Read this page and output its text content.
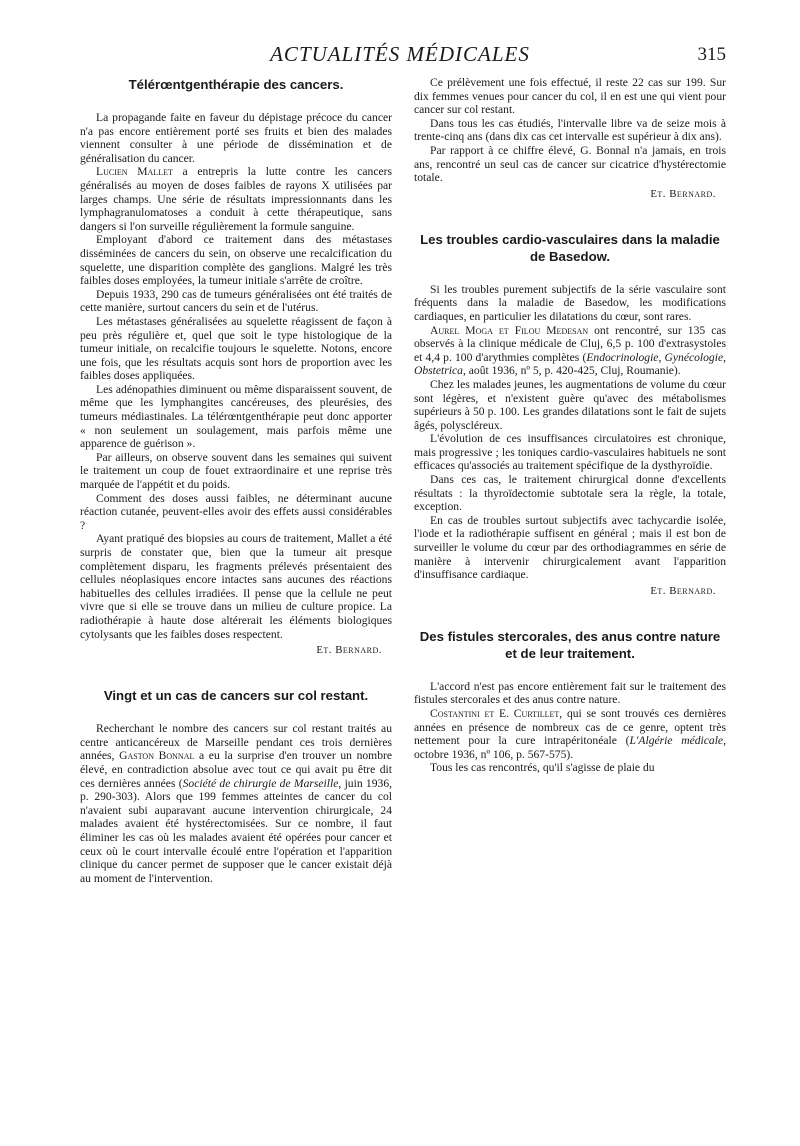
ACTUALITÉS MÉDICALES	315
Télérœntgenthérapie des cancers.

La propagande faite en faveur du dépistage précoce du cancer n'a pas encore entièrement porté ses fruits et bien des malades viennent consulter à une période de dissémination et de généralisation du cancer.

Lucien Mallet a entrepris la lutte contre les cancers généralisés au moyen de doses faibles de rayons X utilisées par larges champs. Une série de résultats impressionnants dans les lymphagranulomatoses a conduit à cette thérapeutique, sans dangers si l'on surveille régulièrement la formule sanguine.

Employant d'abord ce traitement dans des métastases disséminées de cancers du sein, on observe une recalcification du squelette, une disparition complète des ganglions. Malgré les très faibles doses employées, la tumeur initiale s'arrête de croître.

Depuis 1933, 290 cas de tumeurs généralisées ont été traités de cette manière, surtout cancers du sein et de l'utérus.

Les métastases généralisées au squelette réagissent de façon à peu près régulière et, quel que soit le type histologique de la tumeur initiale, on recalcifie toujours le squelette. Notons, encore une fois, que les résultats acquis sont hors de proportion avec les faibles doses appliquées.

Les adénopathies diminuent ou même disparaissent souvent, de même que les lymphangites cancéreuses, des pleurésies, des tumeurs médiastinales. La télérœntgenthérapie peut donc apporter « non seulement un soulagement, mais parfois même une apparence de guérison ».

Par ailleurs, on observe souvent dans les semaines qui suivent le traitement un coup de fouet extraordinaire et une reprise très marquée de l'appétit et du poids.

Comment des doses aussi faibles, ne déterminant aucune réaction cutanée, peuvent-elles avoir des effets aussi considérables ?

Ayant pratiqué des biopsies au cours de traitement, Mallet a été surpris de constater que, bien que la tumeur ait presque complètement disparu, les fragments prélevés présentaient des cellules néoplasiques encore intactes sans aucunes des réactions habituelles des cellules irradiées. Il pense que la cellule ne peut vivre que si elle se trouve dans un milieu de culture propice. La radiothérapie à haute dose altérerait les éléments biologiques cytolysants que les faibles doses respectent.

Et. Bernard.
Vingt et un cas de cancers sur col restant.

Recherchant le nombre des cancers sur col restant traités au centre anticancéreux de Marseille pendant ces trois dernières années, Gaston Bonnal a eu la surprise d'en trouver un nombre élevé, en contradiction absolue avec tout ce qui avait pu être dit ces dernières années (Société de chirurgie de Marseille, juin 1936, p. 290-303). Alors que 199 femmes atteintes de cancer du col n'avaient subi auparavant aucune intervention chirurgicale, 24 malades avaient été hystérectomisées. Sur ce nombre, il faut éliminer les cas où les malades avaient été opérées pour cancer et ceux où le court intervalle écoulé entre l'opération et l'apparition clinique du cancer permet de supposer que le cancer existait déjà au moment de l'intervention.

Ce prélèvement une fois effectué, il reste 22 cas sur 199. Sur dix femmes venues pour cancer du col, il en est une qui vient pour cancer sur col restant.

Dans tous les cas étudiés, l'intervalle libre va de seize mois à trente-cinq ans (dans dix cas cet intervalle est supérieur à dix ans).

Par rapport à ce chiffre élevé, G. Bonnal n'a jamais, en trois ans, rencontré un seul cas de cancer sur cicatrice d'hystérectomie totale.

Et. Bernard.
Les troubles cardio-vasculaires dans la maladie de Basedow.

Si les troubles purement subjectifs de la série vasculaire sont fréquents dans la maladie de Basedow, les modifications cardiaques, en particulier les dilatations du cœur, sont rares.

Aurel Moga et Filou Medesan ont rencontré, sur 135 cas observés à la clinique médicale de Cluj, 6,5 p. 100 d'extrasystoles et 4,4 p. 100 d'arythmies complètes (Endocrinologie, Gynécologie, Obstetrica, août 1936, nº 5, p. 420-425, Cluj, Roumanie).

Chez les malades jeunes, les augmentations de volume du cœur sont légères, et n'existent guère qu'avec des métabolismes supérieurs à 50 p. 100. Les grandes dilatations sont le fait de sujets âgés, polyscléreux.

L'évolution de ces insuffisances circulatoires est chronique, mais progressive ; les toniques cardio-vasculaires habituels ne sont efficaces qu'associés au traitement spécifique de la dysthyroïdie.

Dans ces cas, le traitement chirurgical donne d'excellents résultats : la thyroïdectomie subtotale sera la règle, la totale, exception.

En cas de troubles surtout subjectifs avec tachycardie isolée, l'iode et la radiothérapie suffisent en général ; mais il est bon de surveiller le volume du cœur par des orthodiagrammes en série de manière à intervenir chirurgicalement avant l'apparition d'insuffisance cardiaque.

Et. Bernard.
Des fistules stercorales, des anus contre nature et de leur traitement.

L'accord n'est pas encore entièrement fait sur le traitement des fistules stercorales et des anus contre nature.

Costantini et E. Curtillet, qui se sont trouvés ces dernières années en présence de nombreux cas de ce genre, optent très nettement pour la cure intrapéritonéale (L'Algérie médicale, octobre 1936, nº 106, p. 567-575).

Tous les cas rencontrés, qu'il s'agisse de plaie du
